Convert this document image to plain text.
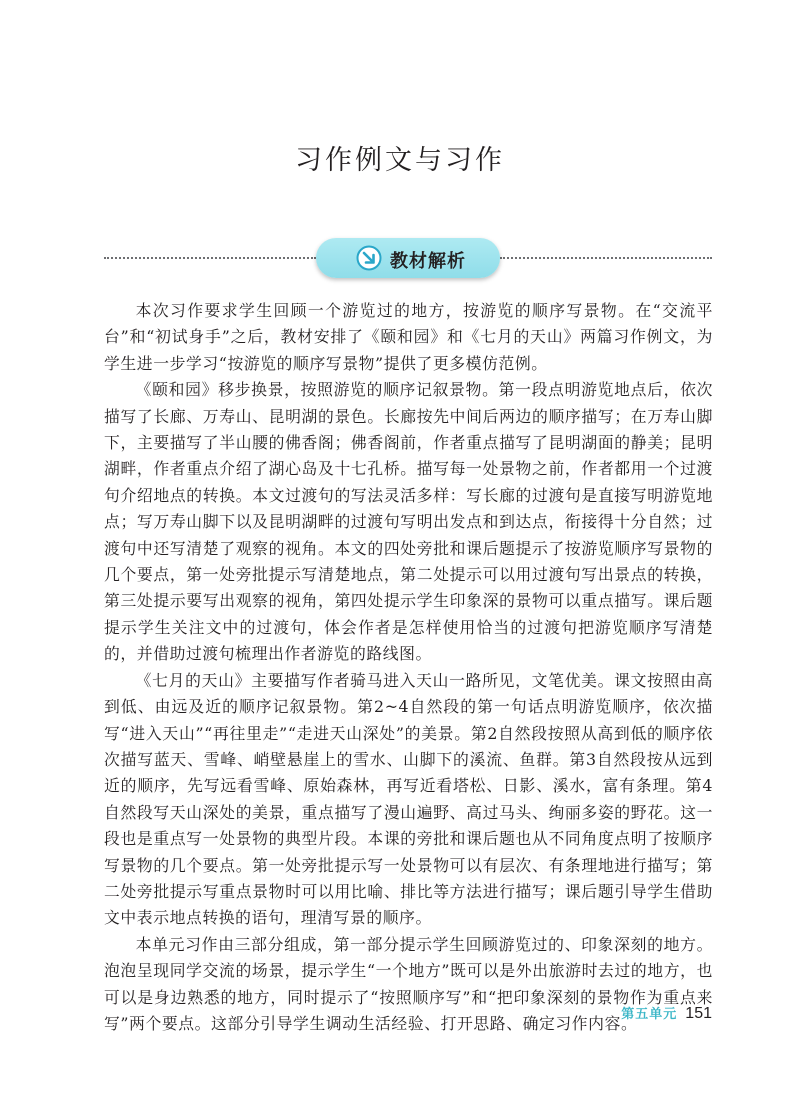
习作例文与习作
教材解析

本次习作要求学生回顾一个游览过的地方，按游览的顺序写景物。在“交流平台”和“初试身手”之后，教材安排了《颐和园》和《七月的天山》两篇习作例文，为学生进一步学习“按游览的顺序写景物”提供了更多模仿范例。

《颐和园》移步换景，按照游览的顺序记叙景物。第一段点明游览地点后，依次描写了长廊、万寿山、昆明湖的景色。长廊按先中间后两边的顺序描写；在万寿山脚下，主要描写了半山腰的佛香阁；佛香阁前，作者重点描写了昆明湖面的静美；昆明湖畔，作者重点介绍了湖心岛及十七孔桥。描写每一处景物之前，作者都用一个过渡句介绍地点的转换。本文过渡句的写法灵活多样：写长廊的过渡句是直接写明游览地点；写万寿山脚下以及昆明湖畔的过渡句写明出发点和到达点，衔接得十分自然；过渡句中还写清楚了观察的视角。本文的四处旁批和课后题提示了按游览顺序写景物的几个要点，第一处旁批提示写清楚地点，第二处提示可以用过渡句写出景点的转换，第三处提示要写出观察的视角，第四处提示学生印象深的景物可以重点描写。课后题提示学生关注文中的过渡句，体会作者是怎样使用恰当的过渡句把游览顺序写清楚的，并借助过渡句梳理出作者游览的路线图。

《七月的天山》主要描写作者骑马进入天山一路所见，文笔优美。课文按照由高到低、由远及近的顺序记叙景物。第2~4自然段的第一句话点明游览顺序，依次描写“进入天山”“再往里走”“走进天山深处”的美景。第2自然段按照从高到低的顺序依次描写蓝天、雪峰、峭壁悬崖上的雪水、山脚下的溪流、鱼群。第3自然段按从远到近的顺序，先写远看雪峰、原始森林，再写近看塔松、日影、溪水，富有条理。第4自然段写天山深处的美景，重点描写了漫山遍野、高过马头、绚丽多姿的野花。这一段也是重点写一处景物的典型片段。本课的旁批和课后题也从不同角度点明了按顺序写景物的几个要点。第一处旁批提示写一处景物可以有层次、有条理地进行描写；第二处旁批提示写重点景物时可以用比喻、排比等方法进行描写；课后题引导学生借助文中表示地点转换的语句，理清写景的顺序。

本单元习作由三部分组成，第一部分提示学生回顾游览过的、印象深刻的地方。泡泡呈现同学交流的场景，提示学生“一个地方”既可以是外出旅游时去过的地方，也可以是身边熟悉的地方，同时提示了“按照顺序写”和“把印象深刻的景物作为重点来写”两个要点。这部分引导学生调动生活经验、打开思路、确定习作内容。

第五单元 151
